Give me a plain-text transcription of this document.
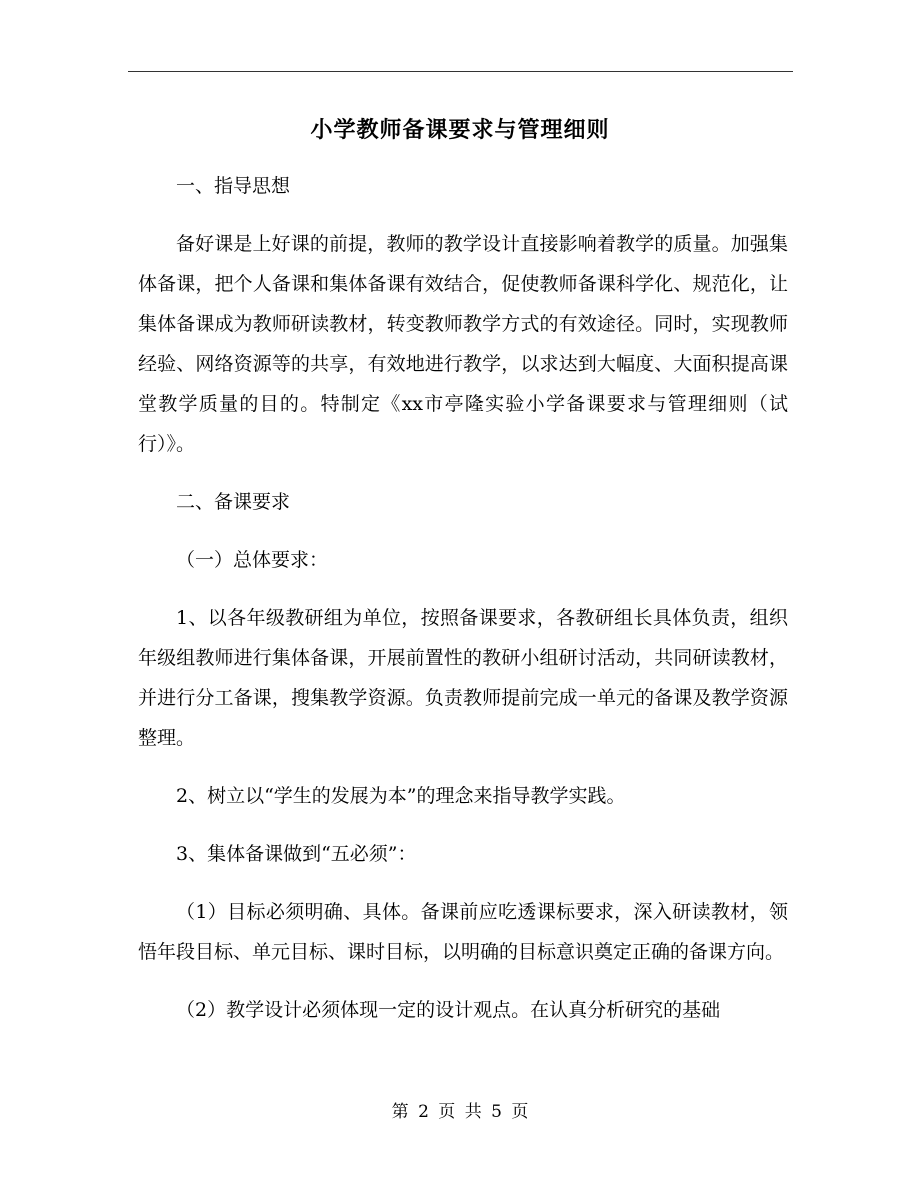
小学教师备课要求与管理细则

一、指导思想

备好课是上好课的前提，教师的教学设计直接影响着教学的质量。加强集体备课，把个人备课和集体备课有效结合，促使教师备课科学化、规范化，让集体备课成为教师研读教材，转变教师教学方式的有效途径。同时，实现教师经验、网络资源等的共享，有效地进行教学，以求达到大幅度、大面积提高课堂教学质量的目的。特制定《xx市亭隆实验小学备课要求与管理细则（试行）》。

二、备课要求

（一）总体要求：

1、以各年级教研组为单位，按照备课要求，各教研组长具体负责，组织年级组教师进行集体备课，开展前置性的教研小组研讨活动，共同研读教材，并进行分工备课，搜集教学资源。负责教师提前完成一单元的备课及教学资源整理。

2、树立以“学生的发展为本”的理念来指导教学实践。

3、集体备课做到“五必须”：

（1）目标必须明确、具体。备课前应吃透课标要求，深入研读教材，领悟年段目标、单元目标、课时目标，以明确的目标意识奠定正确的备课方向。

（2）教学设计必须体现一定的设计观点。在认真分析研究的基础

第 2 页 共 5 页
